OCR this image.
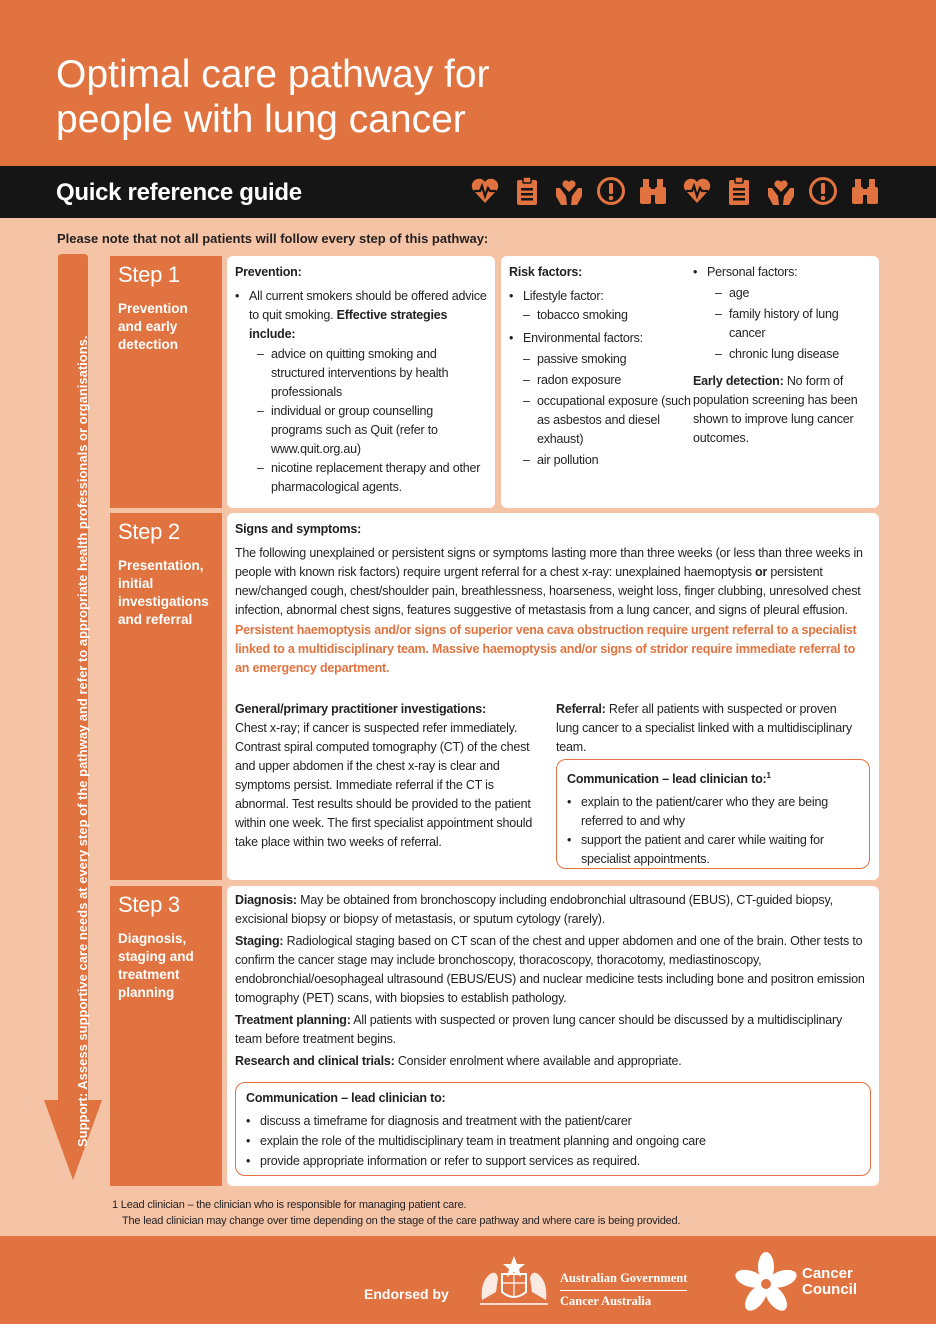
Optimal care pathway for
people with lung cancer
Quick reference guide
Please note that not all patients will follow every step of this pathway:
Support: Assess supportive care needs at every step of the pathway and refer to appropriate health professionals or organisations.
Step 1
Prevention
and early
detection
Prevention:
• All current smokers should be offered advice to quit smoking. Effective strategies include:
– advice on quitting smoking and structured interventions by health professionals
– individual or group counselling programs such as Quit (refer to www.quit.org.au)
– nicotine replacement therapy and other pharmacological agents.
Risk factors:
• Lifestyle factor:
– tobacco smoking
• Environmental factors:
– passive smoking
– radon exposure
– occupational exposure (such as asbestos and diesel exhaust)
– air pollution
• Personal factors:
– age
– family history of lung cancer
– chronic lung disease
Early detection: No form of population screening has been shown to improve lung cancer outcomes.
Step 2
Presentation,
initial
investigations
and referral
Signs and symptoms:
The following unexplained or persistent signs or symptoms lasting more than three weeks (or less than three weeks in people with known risk factors) require urgent referral for a chest x-ray: unexplained haemoptysis or persistent new/changed cough, chest/shoulder pain, breathlessness, hoarseness, weight loss, finger clubbing, unresolved chest infection, abnormal chest signs, features suggestive of metastasis from a lung cancer, and signs of pleural effusion.
Persistent haemoptysis and/or signs of superior vena cava obstruction require urgent referral to a specialist linked to a multidisciplinary team. Massive haemoptysis and/or signs of stridor require immediate referral to an emergency department.
General/primary practitioner investigations:
Chest x-ray; if cancer is suspected refer immediately. Contrast spiral computed tomography (CT) of the chest and upper abdomen if the chest x-ray is clear and symptoms persist. Immediate referral if the CT is abnormal. Test results should be provided to the patient within one week. The first specialist appointment should take place within two weeks of referral.
Referral: Refer all patients with suspected or proven lung cancer to a specialist linked with a multidisciplinary team.
Communication – lead clinician to:$^1$
• explain to the patient/carer who they are being referred to and why
• support the patient and carer while waiting for specialist appointments.
Step 3
Diagnosis,
staging and
treatment
planning
Diagnosis: May be obtained from bronchoscopy including endobronchial ultrasound (EBUS), CT-guided biopsy, excisional biopsy or biopsy of metastasis, or sputum cytology (rarely).
Staging: Radiological staging based on CT scan of the chest and upper abdomen and one of the brain. Other tests to confirm the cancer stage may include bronchoscopy, thoracoscopy, thoracotomy, mediastinoscopy, endobronchial/oesophageal ultrasound (EBUS/EUS) and nuclear medicine tests including bone and positron emission tomography (PET) scans, with biopsies to establish pathology.
Treatment planning: All patients with suspected or proven lung cancer should be discussed by a multidisciplinary team before treatment begins.
Research and clinical trials: Consider enrolment where available and appropriate.
Communication – lead clinician to:
• discuss a timeframe for diagnosis and treatment with the patient/carer
• explain the role of the multidisciplinary team in treatment planning and ongoing care
• provide appropriate information or refer to support services as required.
1 Lead clinician – the clinician who is responsible for managing patient care.
The lead clinician may change over time depending on the stage of the care pathway and where care is being provided.
Endorsed by
Australian Government
Cancer Australia
Cancer
Council
